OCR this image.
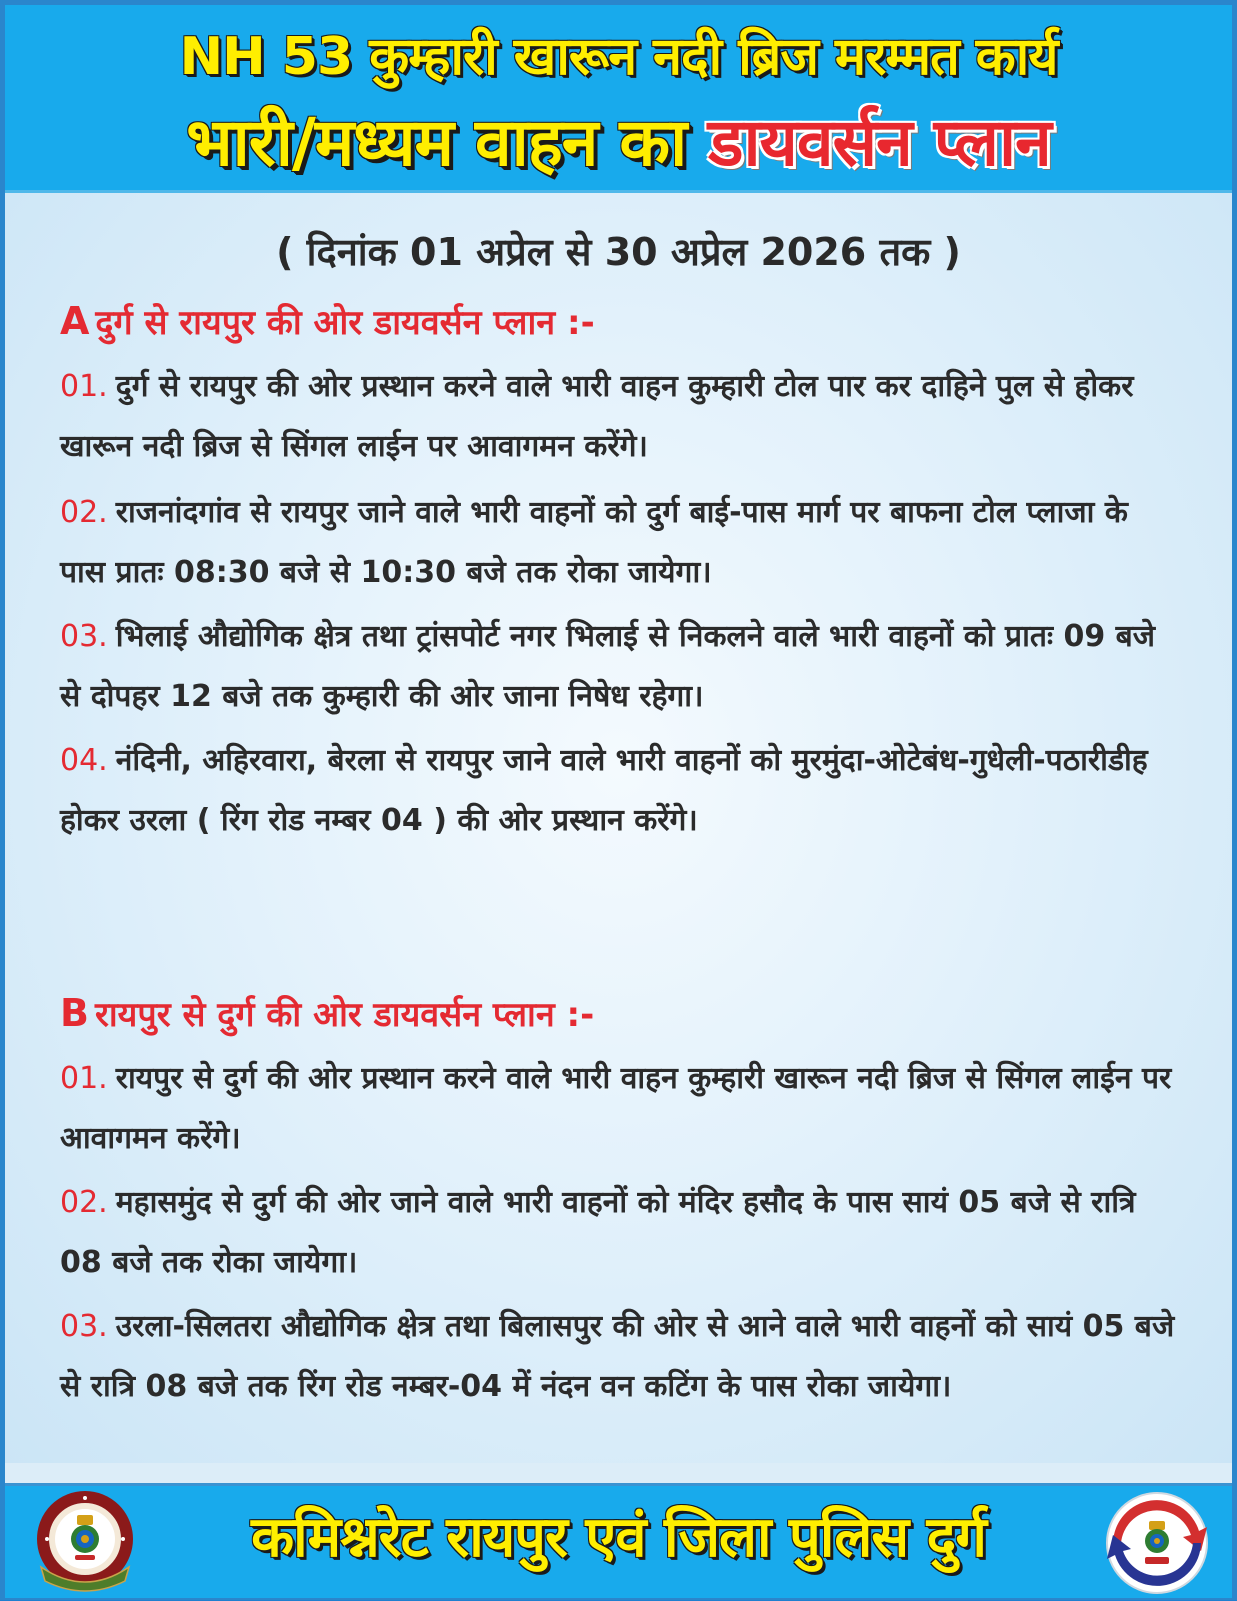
NH 53 कुम्हारी खारून नदी ब्रिज मरम्मत कार्य
भारी/मध्यम वाहन का डायवर्सन प्लान
( दिनांक 01 अप्रेल से 30 अप्रेल 2026 तक )
A दुर्ग से रायपुर की ओर डायवर्सन प्लान :-
01. दुर्ग से रायपुर की ओर प्रस्थान करने वाले भारी वाहन कुम्हारी टोल पार कर दाहिने पुल से होकर खारून नदी ब्रिज से सिंगल लाईन पर आवागमन करेंगे।
02. राजनांदगांव से रायपुर जाने वाले भारी वाहनों को दुर्ग बाई-पास मार्ग पर बाफना टोल प्लाजा के पास प्रातः 08:30 बजे से 10:30 बजे तक रोका जायेगा।
03. भिलाई औद्योगिक क्षेत्र तथा ट्रांसपोर्ट नगर भिलाई से निकलने वाले भारी वाहनों को प्रातः 09 बजे से दोपहर 12 बजे तक कुम्हारी की ओर जाना निषेध रहेगा।
04. नंदिनी, अहिरवारा, बेरला से रायपुर जाने वाले भारी वाहनों को मुरमुंदा-ओटेबंध-गुधेली-पठारीडीह होकर उरला ( रिंग रोड नम्बर 04 ) की ओर प्रस्थान करेंगे।
B रायपुर से दुर्ग की ओर डायवर्सन प्लान :-
01. रायपुर से दुर्ग की ओर प्रस्थान करने वाले भारी वाहन कुम्हारी खारून नदी ब्रिज से सिंगल लाईन पर आवागमन करेंगे।
02. महासमुंद से दुर्ग की ओर जाने वाले भारी वाहनों को मंदिर हसौद के पास सायं 05 बजे से रात्रि 08 बजे तक रोका जायेगा।
03. उरला-सिलतरा औद्योगिक क्षेत्र तथा बिलासपुर की ओर से आने वाले भारी वाहनों को सायं 05 बजे से रात्रि 08 बजे तक रिंग रोड नम्बर-04 में नंदन वन कटिंग के पास रोका जायेगा।
कमिश्नरेट रायपुर एवं जिला पुलिस दुर्ग
